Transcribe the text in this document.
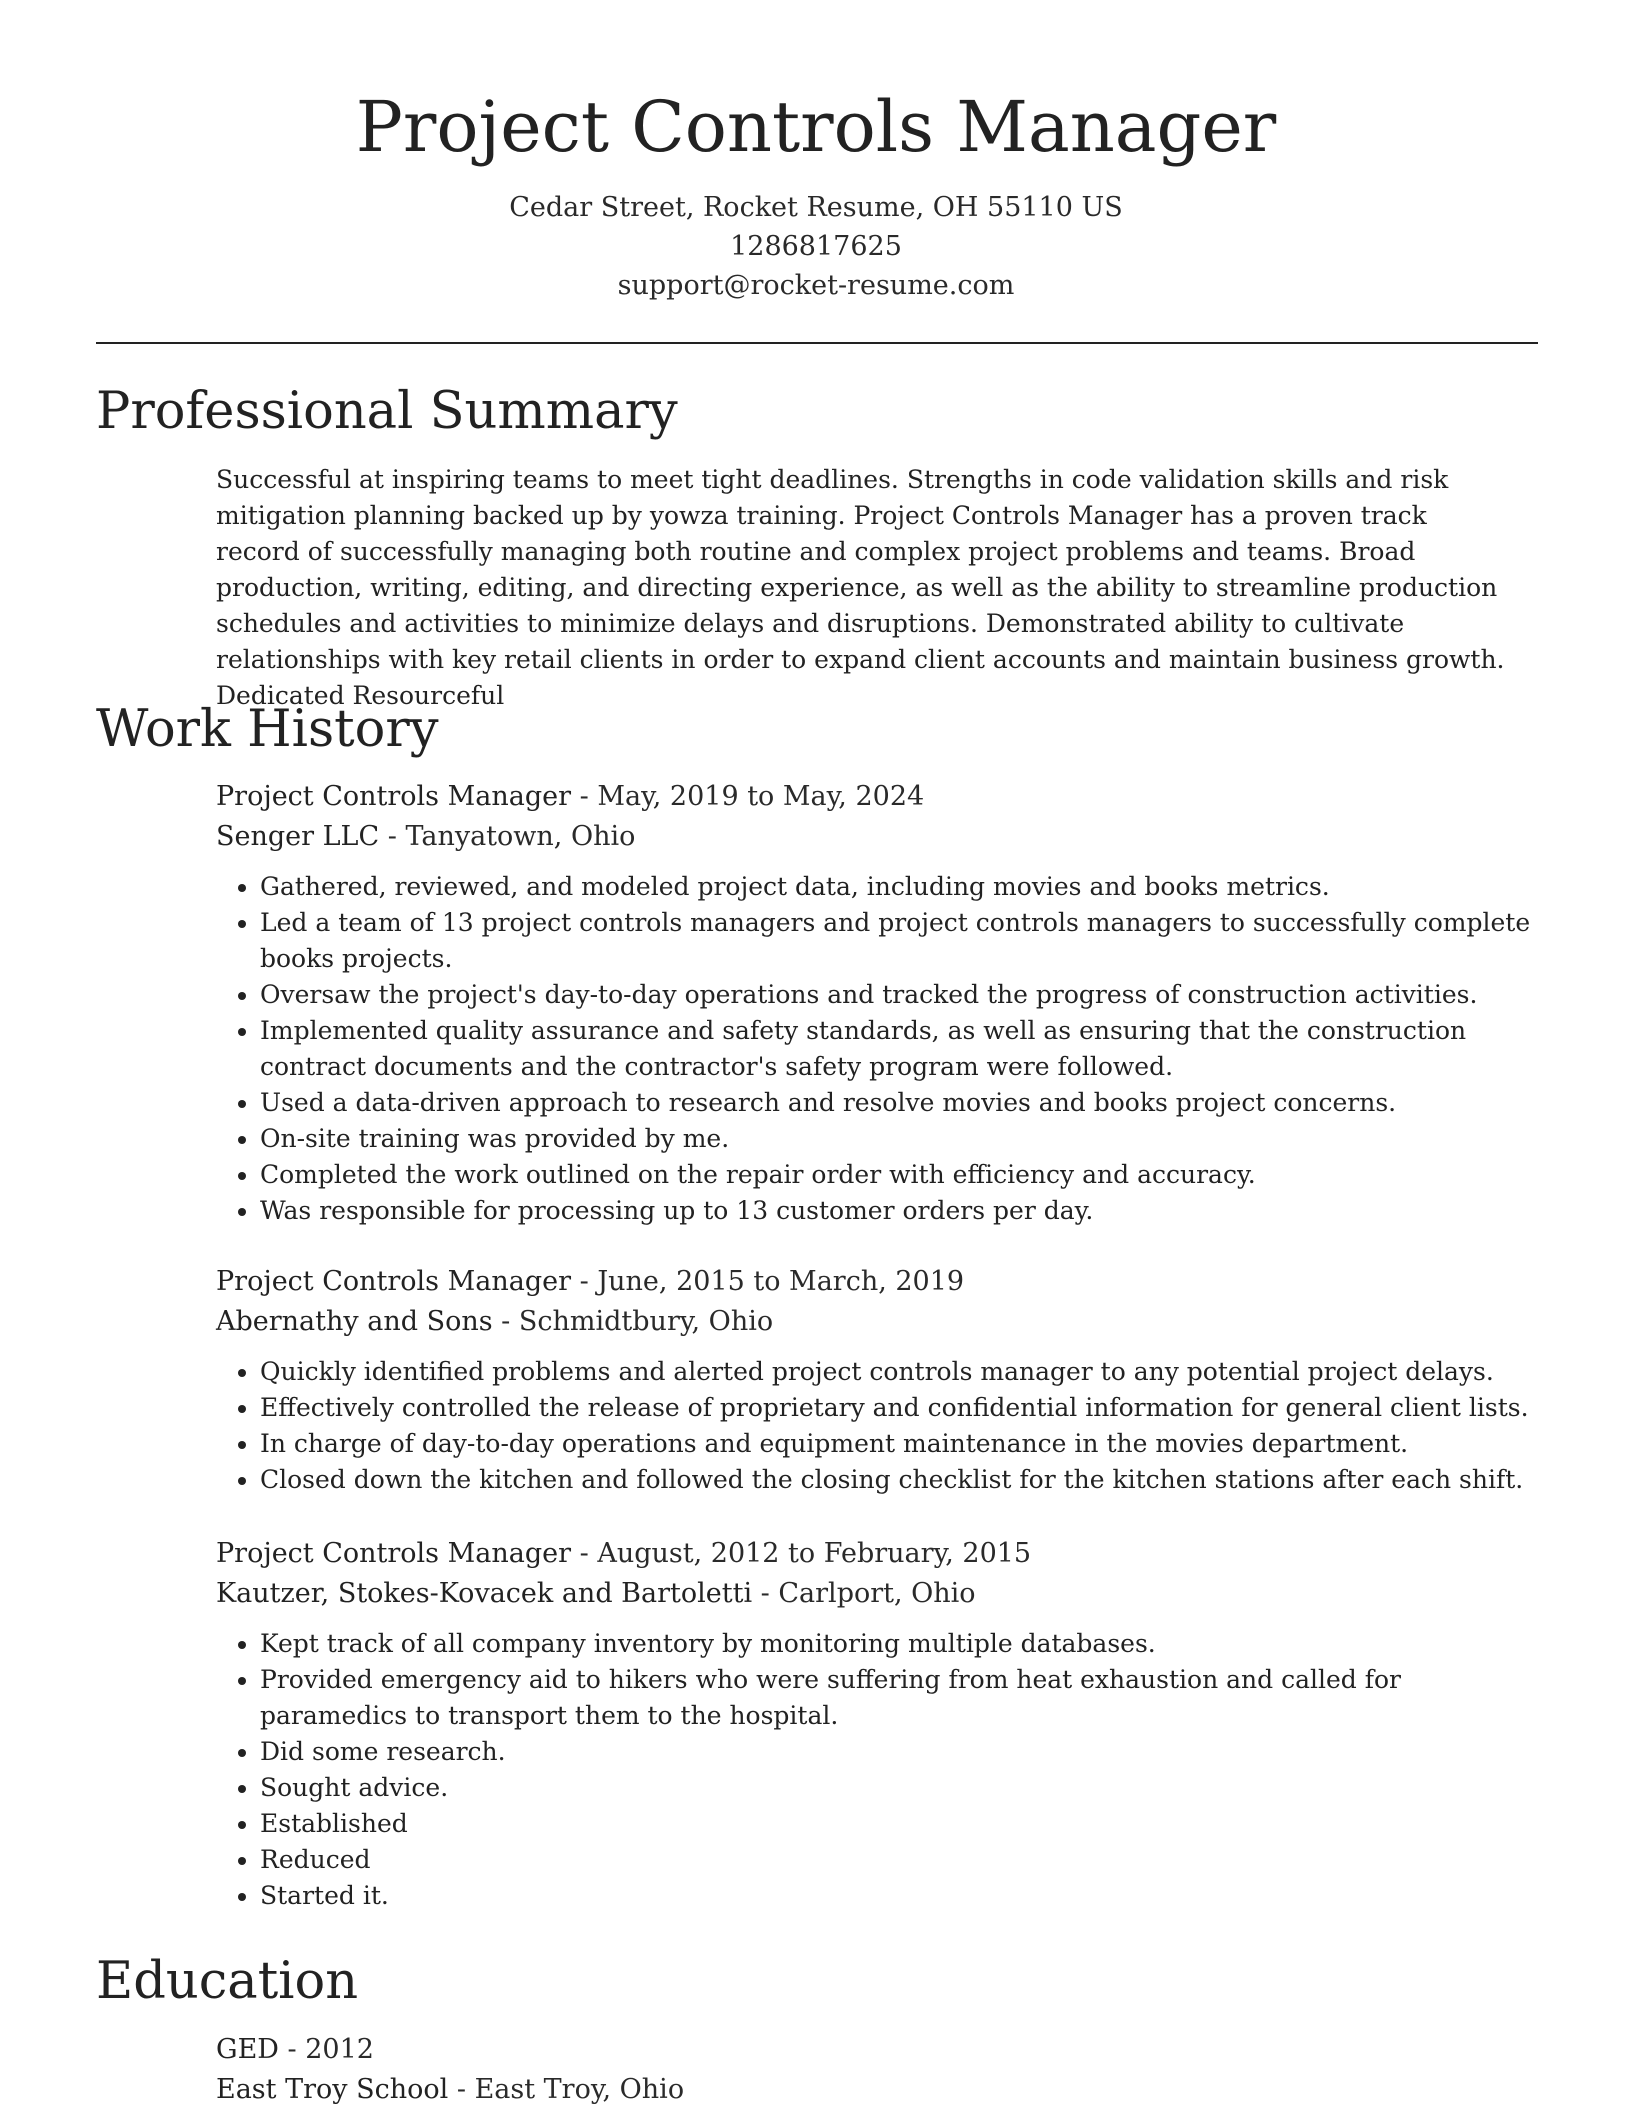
Project Controls Manager
Cedar Street, Rocket Resume, OH 55110 US
1286817625
support@rocket-resume.com
Professional Summary

Successful at inspiring teams to meet tight deadlines. Strengths in code validation skills and risk mitigation planning backed up by yowza training. Project Controls Manager has a proven track record of successfully managing both routine and complex project problems and teams. Broad production, writing, editing, and directing experience, as well as the ability to streamline production schedules and activities to minimize delays and disruptions. Demonstrated ability to cultivate relationships with key retail clients in order to expand client accounts and maintain business growth. Dedicated Resourceful

Work History
Project Controls Manager - May, 2019 to May, 2024
Senger LLC - Tanyatown, Ohio
• Gathered, reviewed, and modeled project data, including movies and books metrics.
• Led a team of 13 project controls managers and project controls managers to successfully complete books projects.
• Oversaw the project's day-to-day operations and tracked the progress of construction activities.
• Implemented quality assurance and safety standards, as well as ensuring that the construction contract documents and the contractor's safety program were followed.
• Used a data-driven approach to research and resolve movies and books project concerns.
• On-site training was provided by me.
• Completed the work outlined on the repair order with efficiency and accuracy.
• Was responsible for processing up to 13 customer orders per day.
Project Controls Manager - June, 2015 to March, 2019
Abernathy and Sons - Schmidtbury, Ohio
• Quickly identified problems and alerted project controls manager to any potential project delays.
• Effectively controlled the release of proprietary and confidential information for general client lists.
• In charge of day-to-day operations and equipment maintenance in the movies department.
• Closed down the kitchen and followed the closing checklist for the kitchen stations after each shift.
Project Controls Manager - August, 2012 to February, 2015
Kautzer, Stokes-Kovacek and Bartoletti - Carlport, Ohio
• Kept track of all company inventory by monitoring multiple databases.
• Provided emergency aid to hikers who were suffering from heat exhaustion and called for paramedics to transport them to the hospital.
• Did some research.
• Sought advice.
• Established
• Reduced
• Started it.
Education
GED - 2012
East Troy School - East Troy, Ohio
